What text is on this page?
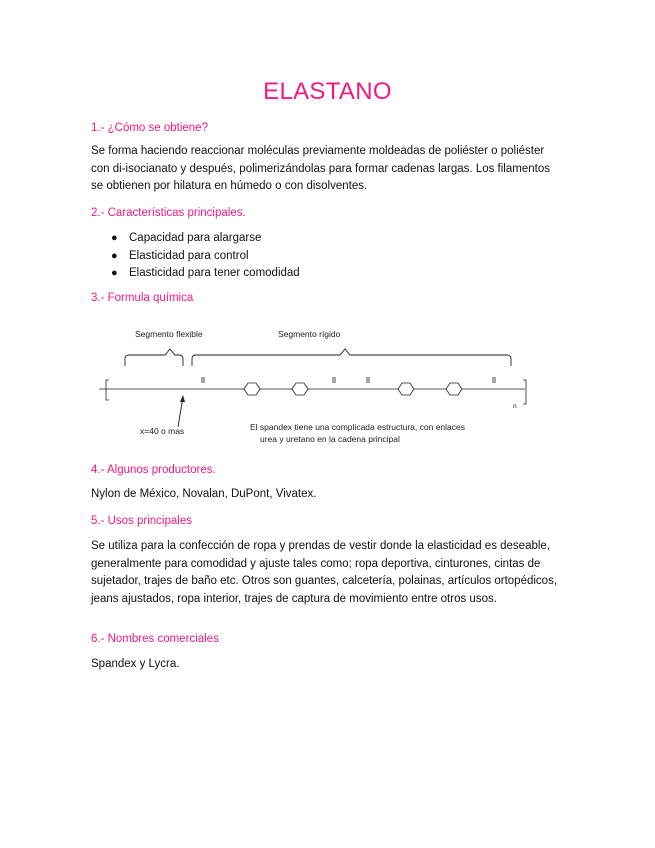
ELASTANO
1.- ¿Cómo se obtiene?
Se forma haciendo reaccionar moléculas previamente moldeadas de poliéster o poliéster con di-isocianato y después, polimerizándolas para formar cadenas largas. Los filamentos se obtienen por hilatura en húmedo o con disolventes.
2.- Características principales.
● Capacidad para alargarse
● Elasticidad para control
● Elasticidad para tener comodidad
3.- Formula química
Segmento flexible	Segmento rígido
n
x=40 o mas	El spandex tiene una complicada estructura, con enlaces
urea y uretano en la cadena principal
4.- Algunos productores.
Nylon de México, Novalan, DuPont, Vivatex.
5.- Usos principales
Se utiliza para la confección de ropa y prendas de vestir donde la elasticidad es deseable, generalmente para comodidad y ajuste tales como; ropa deportiva, cinturones, cintas de sujetador, trajes de baño etc. Otros son guantes, calcetería, polainas, artículos ortopédicos, jeans ajustados, ropa interior, trajes de captura de movimiento entre otros usos.
6.- Nombres comerciales
Spandex y Lycra.
